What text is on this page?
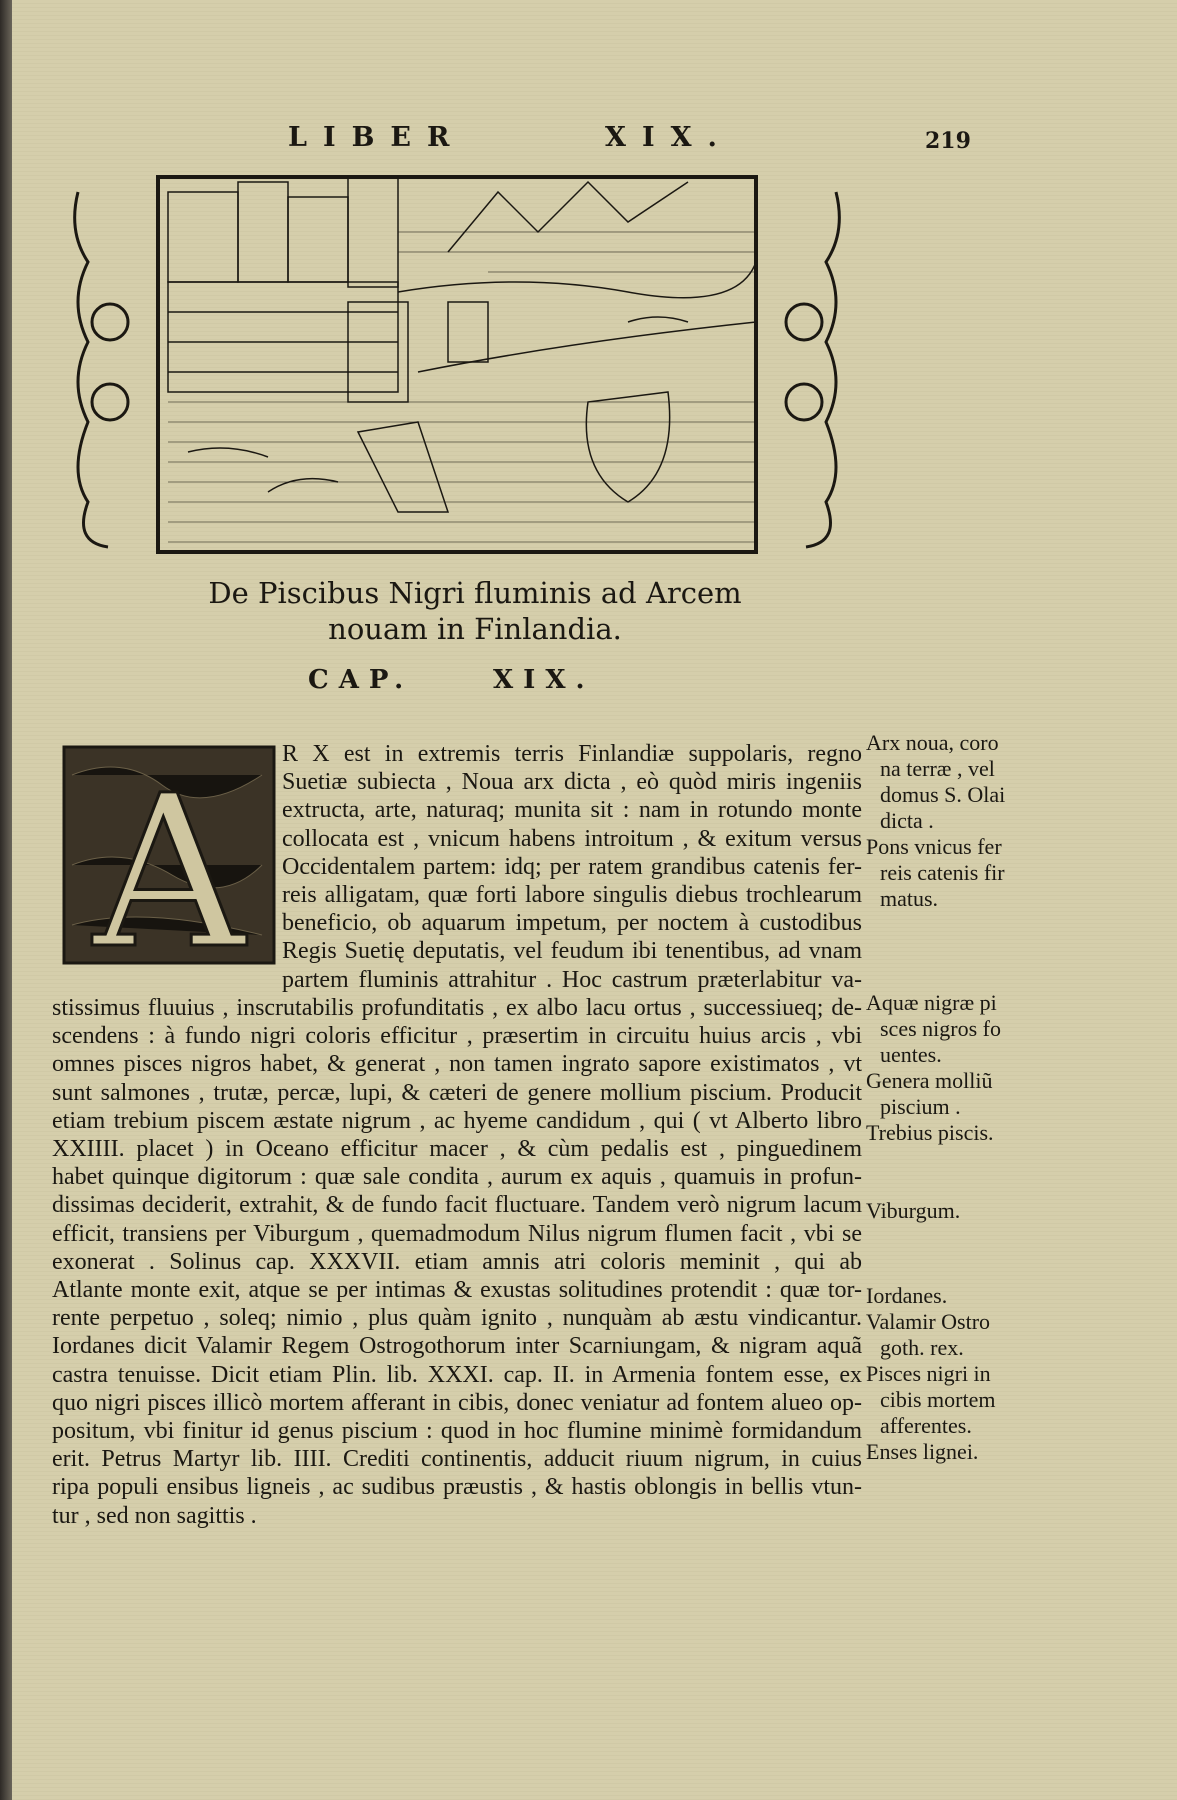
LIBER	XIX.	219
De Piscibus Nigri fluminis ad Arcem
nouam in Finlandia.
CAP.	XIX.
A R X est in extremis terris Finlandiæ suppolaris, regno
Suetiæ subiecta , Noua arx dicta , eò quòd miris ingeniis
extructa, arte, naturaq; munita sit : nam in rotundo monte
collocata est , vnicum habens introitum , & exitum versus
Occidentalem partem: idq; per ratem grandibus catenis fer-
reis alligatam, quæ forti labore singulis diebus trochlearum
beneficio, ob aquarum impetum, per noctem à custodibus
Regis Suetię deputatis, vel feudum ibi tenentibus, ad vnam
partem fluminis attrahitur . Hoc castrum præterlabitur va-
stissimus fluuius , inscrutabilis profunditatis , ex albo lacu ortus , successiueq; de-
scendens : à fundo nigri coloris efficitur , præsertim in circuitu huius arcis , vbi
omnes pisces nigros habet, & generat , non tamen ingrato sapore existimatos , vt
sunt salmones , trutæ, percæ, lupi, & cæteri de genere mollium piscium. Producit
etiam trebium piscem æstate nigrum , ac hyeme candidum , qui ( vt Alberto libro
XXIIII. placet ) in Oceano efficitur macer , & cùm pedalis est , pinguedinem
habet quinque digitorum : quæ sale condita , aurum ex aquis , quamuis in profun-
dissimas deciderit, extrahit, & de fundo facit fluctuare. Tandem verò nigrum lacum
efficit, transiens per Viburgum , quemadmodum Nilus nigrum flumen facit , vbi se
exonerat . Solinus cap. XXXVII. etiam amnis atri coloris meminit , qui ab
Atlante monte exit, atque se per intimas & exustas solitudines protendit : quæ tor-
rente perpetuo , soleq; nimio , plus quàm ignito , nunquàm ab æstu vindicantur.
Iordanes dicit Valamir Regem Ostrogothorum inter Scarniungam, & nigram aquã
castra tenuisse. Dicit etiam Plin. lib. XXXI. cap. II. in Armenia fontem esse, ex
quo nigri pisces illicò mortem afferant in cibis, donec veniatur ad fontem alueo op-
positum, vbi finitur id genus piscium : quod in hoc flumine minimè formidandum
erit. Petrus Martyr lib. IIII. Crediti continentis, adducit riuum nigrum, in cuius
ripa populi ensibus ligneis , ac sudibus præustis , & hastis oblongis in bellis vtun-
tur , sed non sagittis .
Arx noua, coro
na terræ , vel
domus S. Olai
dicta .
Pons vnicus fer
reis catenis fir
matus.
Aquæ nigræ pi
sces nigros fo
uentes.
Genera molliũ
piscium .
Trebius piscis.
Viburgum.
Iordanes.
Valamir Ostro
goth. rex.
Pisces nigri in
cibis mortem
afferentes.
Enses lignei.
